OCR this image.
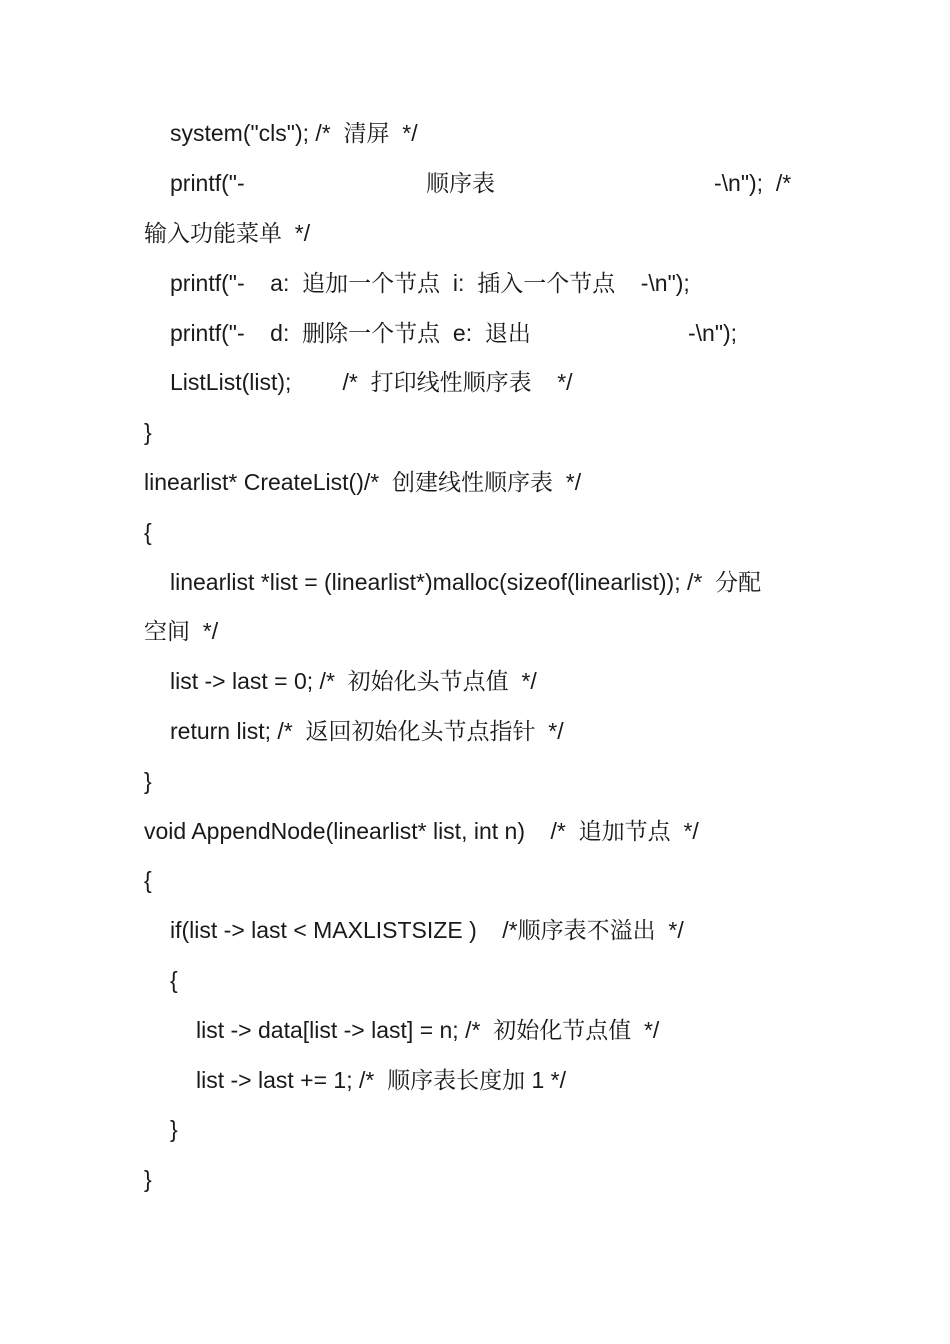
system("cls"); /*  清屏  */

printf("-

	顺序表

	-\n");  /*

输入功能菜单  */

printf("-    a:  追加一个节点  i:  插入一个节点    -\n");

printf("-    d:  删除一个节点  e:  退出

	-\n");

ListList(list);        /*  打印线性顺序表    */

}

linearlist* CreateList()/*  创建线性顺序表  */

{

linearlist *list = (linearlist*)malloc(sizeof(linearlist)); /*  分配

空间  */

list -> last = 0; /*  初始化头节点值  */

return list; /*  返回初始化头节点指针  */

}

void AppendNode(linearlist* list, int n)    /*  追加节点  */

{

if(list -> last < MAXLISTSIZE )    /*顺序表不溢出  */

{

list -> data[list -> last] = n; /*  初始化节点值  */

list -> last += 1; /*  顺序表长度加 1 */

}

}
